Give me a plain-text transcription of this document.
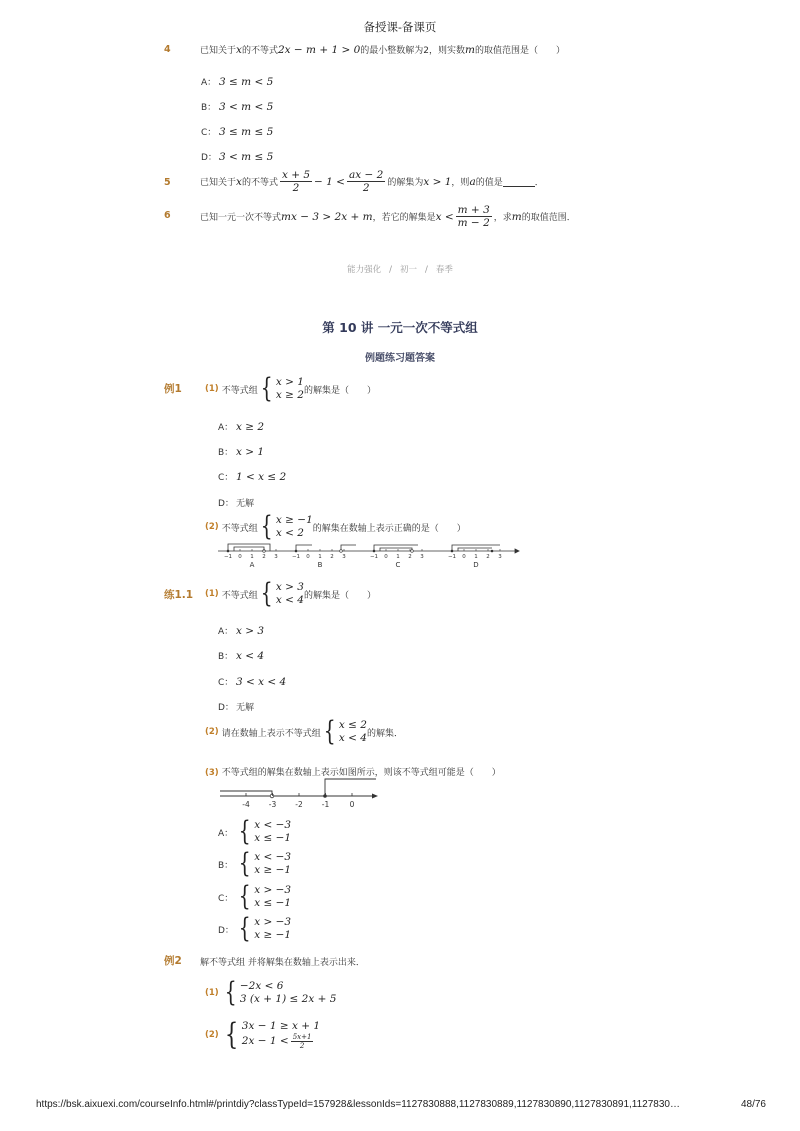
备授课-备课页
4	已知关于x的不等式2x − m + 1 > 0的最小整数解为2，则实数m的取值范围是（　　）
A： 3 ≤ m < 5
B： 3 < m < 5
C： 3 ≤ m ≤ 5
D： 3 < m ≤ 5
5	已知关于 x 的不等式 $\frac{x + 5}{2} - 1 < \frac{ax - 2}{2}$ 的解集为 x > 1 ，则 a 的值是	．
6	已知一元一次不等式 mx − 3 > 2x + m ，若它的解集是 $x < \frac{m + 3}{m - 2}$ ，求 m 的取值范围．
能力强化 / 初一 / 春季
第 10 讲 一元一次不等式组
例题练习题答案
例1	(1) 不等式组 { x > 1
x ≥ 2 的解集是（　　）
A： x ≥ 2
B： x > 1
C： 1 < x ≤ 2
D： 无解
(2) 不等式组 { x ≥ −1
x < 2 的解集在数轴上表示正确的是（　　）
−1 0 1 2 3	−1 0 1 2 3	−1 0 1 2 3	−1 0 1 2 3
A	B	C	D
练1.1 (1) 不等式组 { x > 3
x < 4 的解集是（　　）
A： x > 3
B： x < 4
C： 3 < x < 4
D： 无解
(2) 请在数轴上表示不等式组 { x ≤ 2
x < 4 的解集．
(3) 不等式组的解集在数轴上表示如图所示，则该不等式组可能是（　　）
-4	-3	-2	-1	0
A： { x < −3
x ≤ −1
B： { x < −3
x ≥ −1
C： { x > −3
x ≤ −1
D： { x > −3
x ≥ −1
例2 解不等式组 并将解集在数轴上表示出来．
(1) { −2x < 6
3 (x + 1) ≤ 2x + 5
(2) { 3x − 1 ≥ x + 1
$2x - 1 < \frac{5x+1}{2}$
https://bsk.aixuexi.com/courseInfo.html#/printdiy?classTypeId=157928&lessonIds=1127830888,1127830889,1127830890,1127830891,1127830…	48/76
